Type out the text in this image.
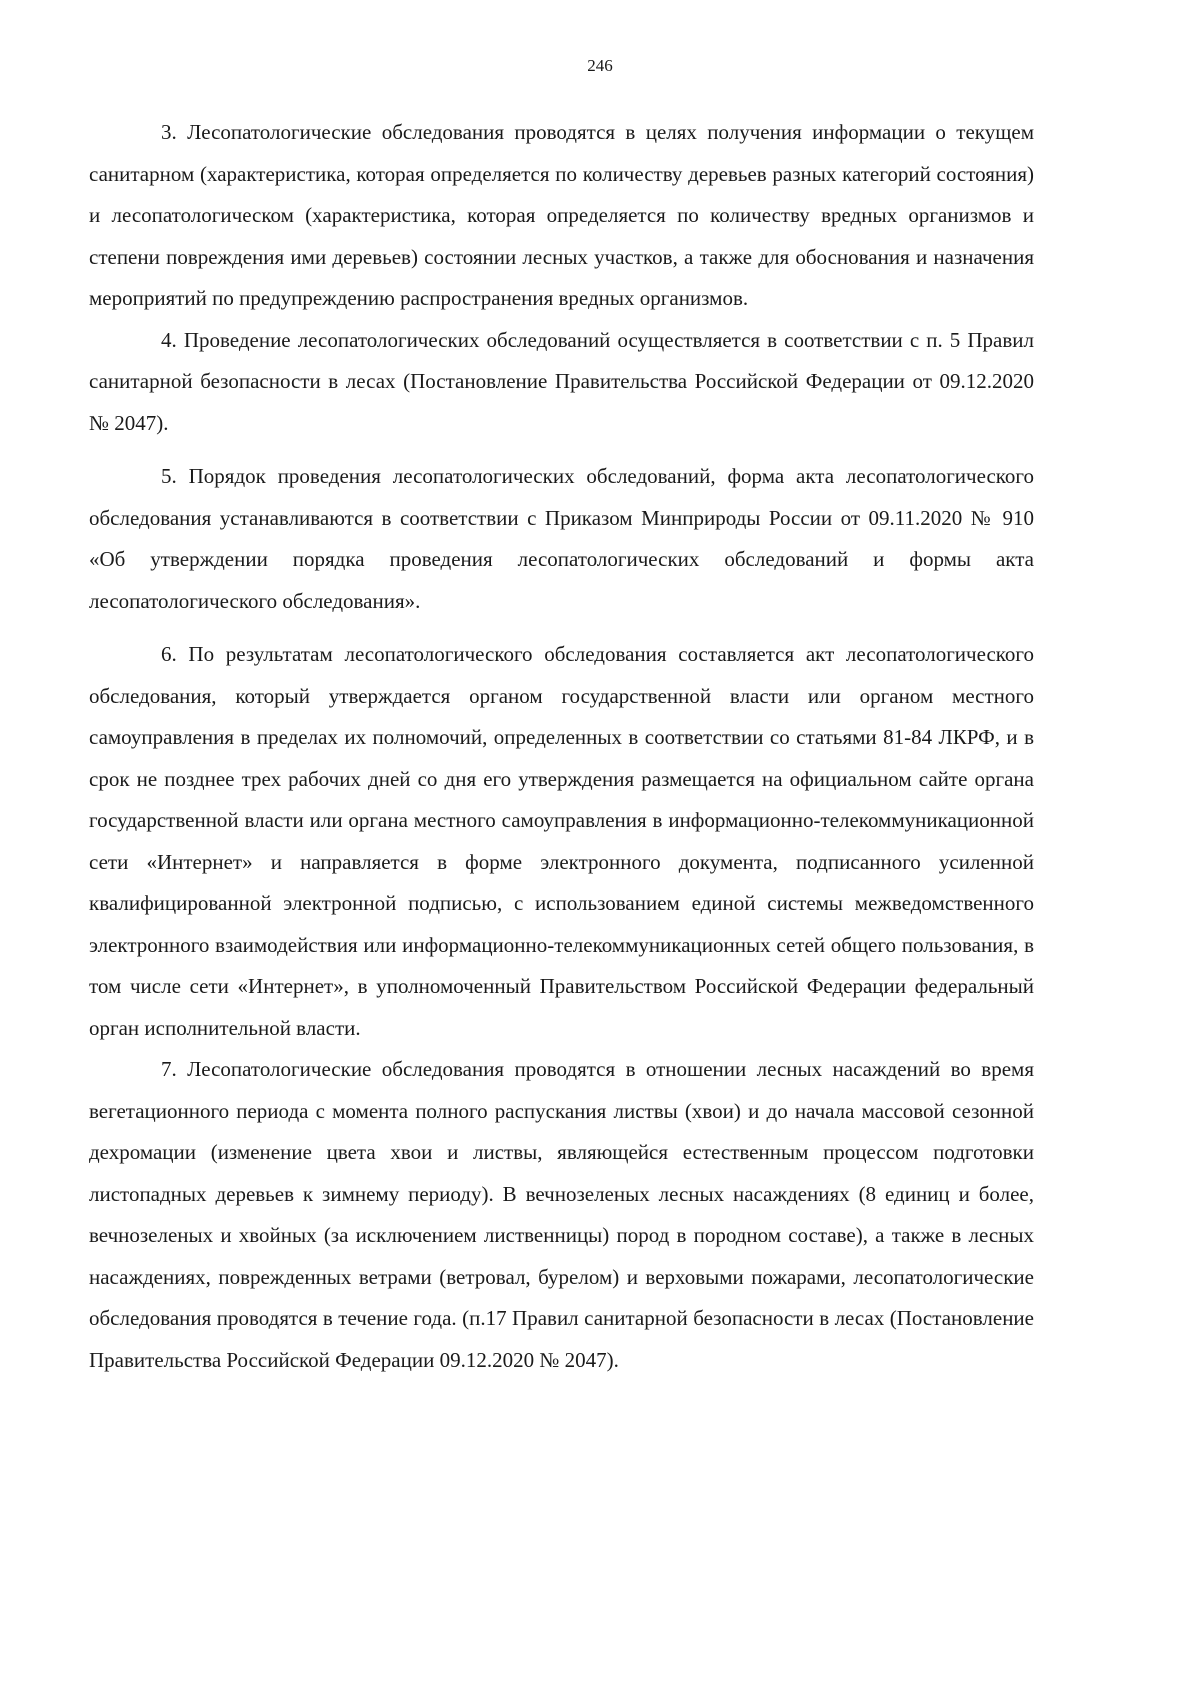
246

3. Лесопатологические обследования проводятся в целях получения информации о текущем санитарном (характеристика, которая определяется по количеству деревьев разных категорий состояния) и лесопатологическом (характеристика, которая определяется по количеству вредных организмов и степени повреждения ими деревьев) состоянии лесных участков, а также для обоснования и назначения мероприятий по предупреждению распространения вредных организмов.

4. Проведение лесопатологических обследований осуществляется в соответствии с п. 5 Правил санитарной безопасности в лесах (Постановление Правительства Российской Федерации от 09.12.2020 № 2047).

5. Порядок проведения лесопатологических обследований, форма акта лесопатологического обследования устанавливаются в соответствии с Приказом Минприроды России от 09.11.2020 № 910 «Об утверждении порядка проведения лесопатологических обследований и формы акта лесопатологического обследования».

6. По результатам лесопатологического обследования составляется акт лесопатологического обследования, который утверждается органом государственной власти или органом местного самоуправления в пределах их полномочий, определенных в соответствии со статьями 81-84 ЛКРФ, и в срок не позднее трех рабочих дней со дня его утверждения размещается на официальном сайте органа государственной власти или органа местного самоуправления в информационно-телекоммуникационной сети «Интернет» и направляется в форме электронного документа, подписанного усиленной квалифицированной электронной подписью, с использованием единой системы межведомственного электронного взаимодействия или информационно-телекоммуникационных сетей общего пользования, в том числе сети «Интернет», в уполномоченный Правительством Российской Федерации федеральный орган исполнительной власти.

7. Лесопатологические обследования проводятся в отношении лесных насаждений во время вегетационного периода с момента полного распускания листвы (хвои) и до начала массовой сезонной дехромации (изменение цвета хвои и листвы, являющейся естественным процессом подготовки листопадных деревьев к зимнему периоду). В вечнозеленых лесных насаждениях (8 единиц и более, вечнозеленых и хвойных (за исключением лиственницы) пород в породном составе), а также в лесных насаждениях, поврежденных ветрами (ветровал, бурелом) и верховыми пожарами, лесопатологические обследования проводятся в течение года. (п.17 Правил санитарной безопасности в лесах (Постановление Правительства Российской Федерации 09.12.2020 № 2047).
